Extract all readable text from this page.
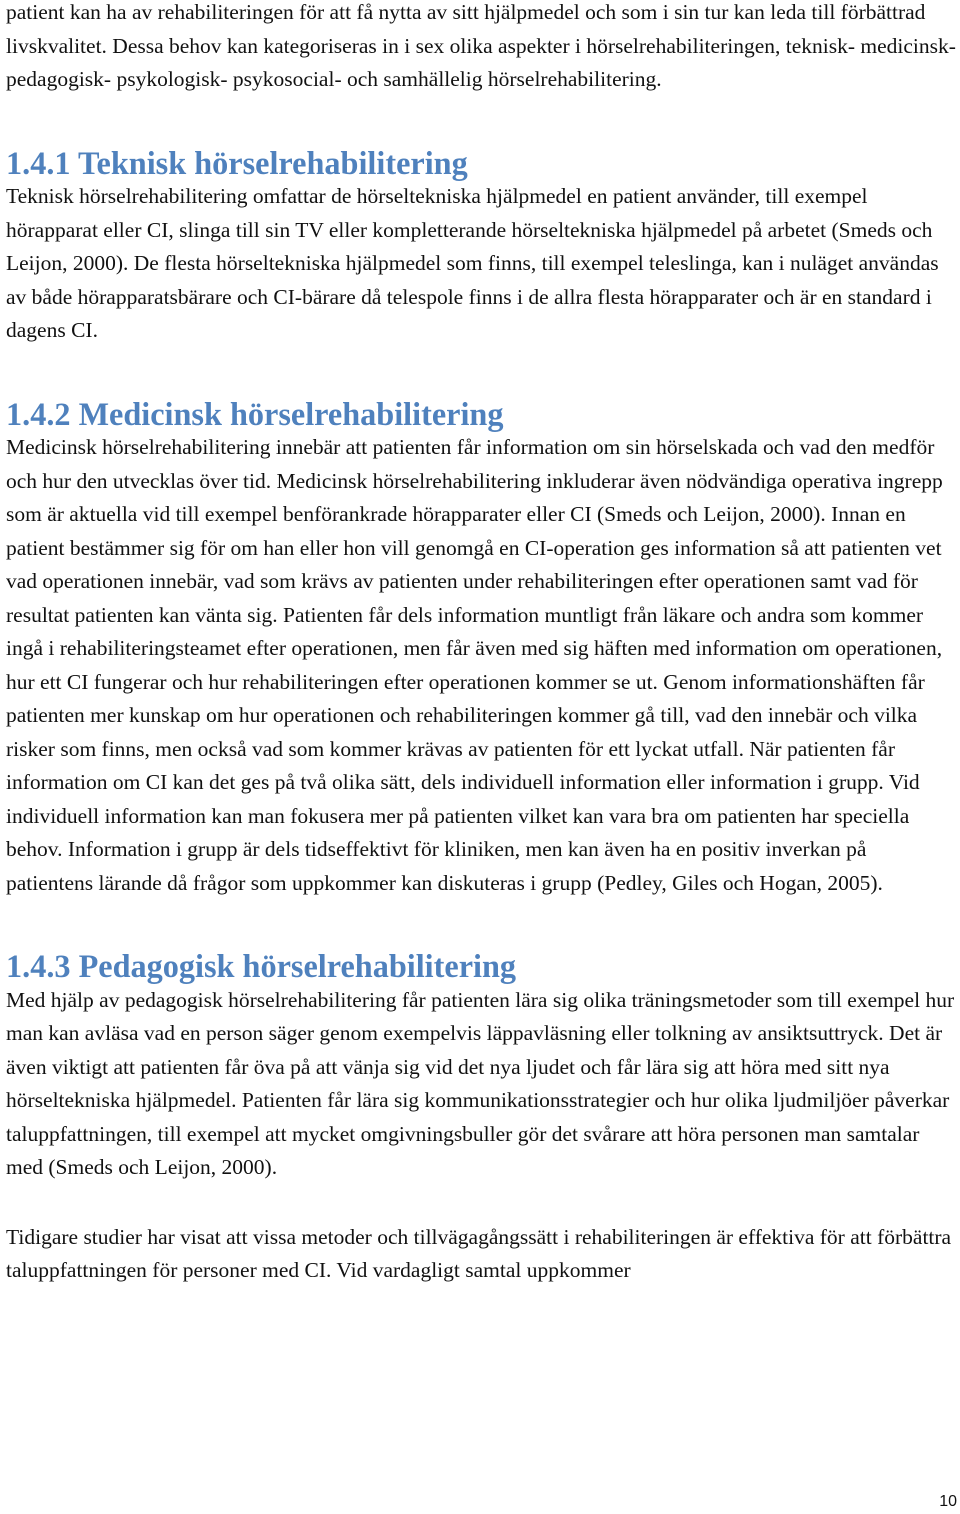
patient kan ha av rehabiliteringen för att få nytta av sitt hjälpmedel och som i sin tur kan leda till förbättrad livskvalitet. Dessa behov kan kategoriseras in i sex olika aspekter i hörselrehabiliteringen, teknisk- medicinsk- pedagogisk- psykologisk- psykosocial- och samhällelig hörselrehabilitering.

1.4.1 Teknisk hörselrehabilitering

Teknisk hörselrehabilitering omfattar de hörseltekniska hjälpmedel en patient använder, till exempel hörapparat eller CI, slinga till sin TV eller kompletterande hörseltekniska hjälpmedel på arbetet (Smeds och Leijon, 2000). De flesta hörseltekniska hjälpmedel som finns, till exempel teleslinga, kan i nuläget användas av både hörapparatsbärare och CI-bärare då telespole finns i de allra flesta hörapparater och är en standard i dagens CI.

1.4.2 Medicinsk hörselrehabilitering

Medicinsk hörselrehabilitering innebär att patienten får information om sin hörselskada och vad den medför och hur den utvecklas över tid. Medicinsk hörselrehabilitering inkluderar även nödvändiga operativa ingrepp som är aktuella vid till exempel benförankrade hörapparater eller CI (Smeds och Leijon, 2000). Innan en patient bestämmer sig för om han eller hon vill genomgå en CI-operation ges information så att patienten vet vad operationen innebär, vad som krävs av patienten under rehabiliteringen efter operationen samt vad för resultat patienten kan vänta sig. Patienten får dels information muntligt från läkare och andra som kommer ingå i rehabiliteringsteamet efter operationen, men får även med sig häften med information om operationen, hur ett CI fungerar och hur rehabiliteringen efter operationen kommer se ut. Genom informationshäften får patienten mer kunskap om hur operationen och rehabiliteringen kommer gå till, vad den innebär och vilka risker som finns, men också vad som kommer krävas av patienten för ett lyckat utfall. När patienten får information om CI kan det ges på två olika sätt, dels individuell information eller information i grupp. Vid individuell information kan man fokusera mer på patienten vilket kan vara bra om patienten har speciella behov. Information i grupp är dels tidseffektivt för kliniken, men kan även ha en positiv inverkan på patientens lärande då frågor som uppkommer kan diskuteras i grupp (Pedley, Giles och Hogan, 2005).

1.4.3 Pedagogisk hörselrehabilitering

Med hjälp av pedagogisk hörselrehabilitering får patienten lära sig olika träningsmetoder som till exempel hur man kan avläsa vad en person säger genom exempelvis läppavläsning eller tolkning av ansiktsuttryck. Det är även viktigt att patienten får öva på att vänja sig vid det nya ljudet och får lära sig att höra med sitt nya hörseltekniska hjälpmedel. Patienten får lära sig kommunikationsstrategier och hur olika ljudmiljöer påverkar taluppfattningen, till exempel att mycket omgivningsbuller gör det svårare att höra personen man samtalar med (Smeds och Leijon, 2000).

Tidigare studier har visat att vissa metoder och tillvägagångssätt i rehabiliteringen är effektiva för att förbättra taluppfattningen för personer med CI. Vid vardagligt samtal uppkommer

10
